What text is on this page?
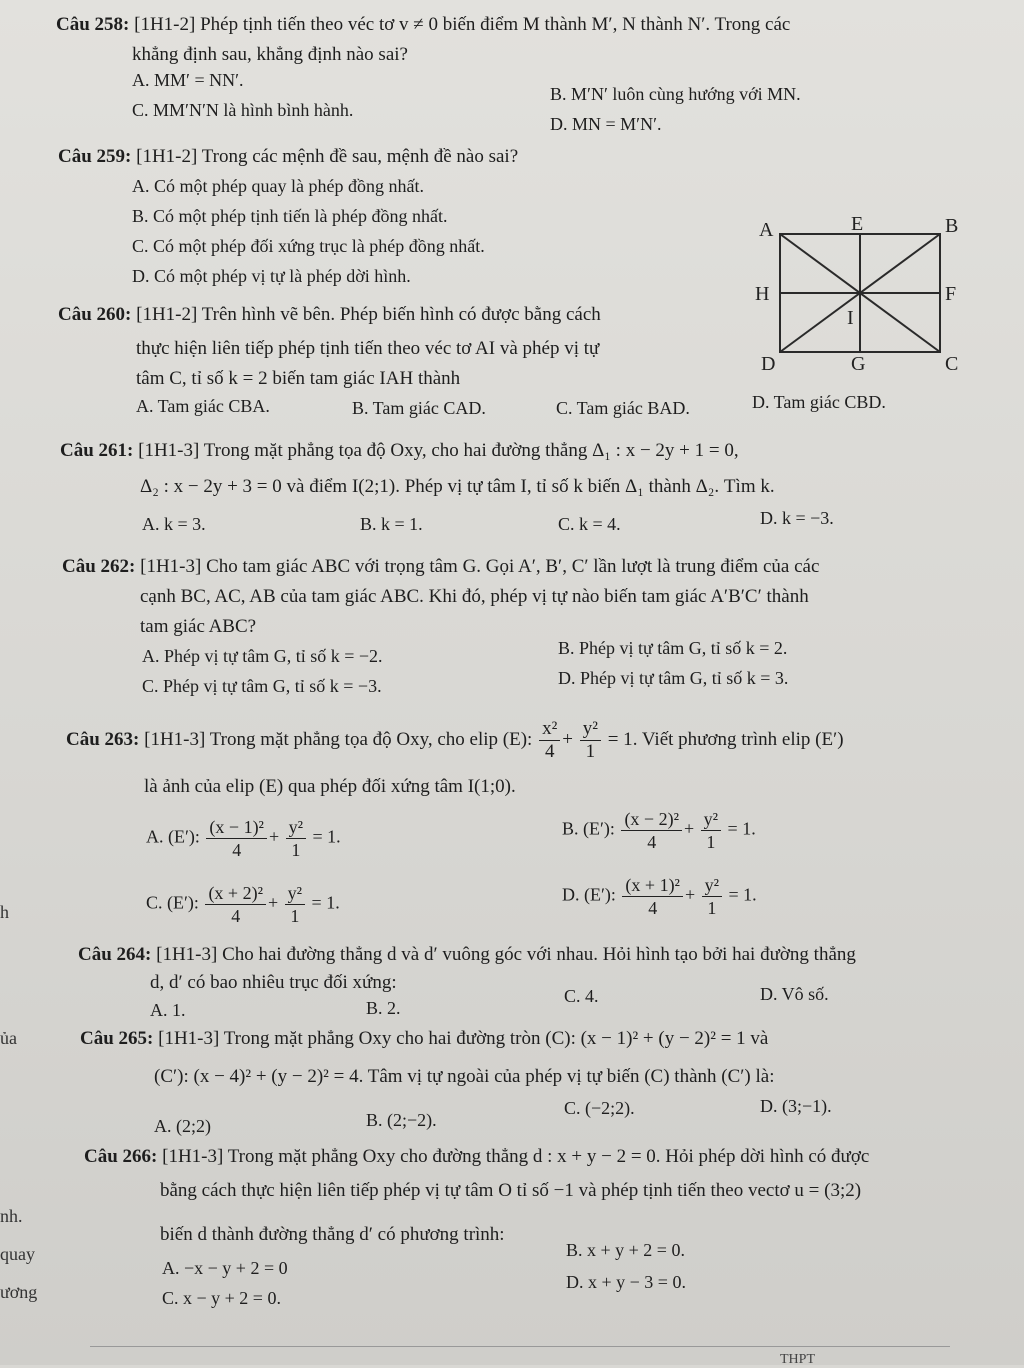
Câu 258: [1H1-2] Phép tịnh tiến theo véc tơ v ≠ 0 biến điểm M thành M′, N thành N′. Trong các
khẳng định sau, khẳng định nào sai?
A. MM′ = NN′.
B. M′N′ luôn cùng hướng với MN.
C. MM′N′N là hình bình hành.
D. MN = M′N′.
Câu 259: [1H1-2] Trong các mệnh đề sau, mệnh đề nào sai?
A. Có một phép quay là phép đồng nhất.
B. Có một phép tịnh tiến là phép đồng nhất.
C. Có một phép đối xứng trục là phép đồng nhất.
D. Có một phép vị tự là phép dời hình.
A	E	B
H	F
I
D	G	C
Câu 260: [1H1-2] Trên hình vẽ bên. Phép biến hình có được bằng cách
thực hiện liên tiếp phép tịnh tiến theo véc tơ AI và phép vị tự
tâm C, tỉ số k = 2 biến tam giác IAH thành
A. Tam giác CBA.	B. Tam giác CAD.	C. Tam giác BAD.	D. Tam giác CBD.
Câu 261: [1H1-3] Trong mặt phẳng tọa độ Oxy, cho hai đường thẳng Δ₁ : x − 2y + 1 = 0,
Δ₂ : x − 2y + 3 = 0 và điểm I(2;1). Phép vị tự tâm I, tỉ số k biến Δ₁ thành Δ₂. Tìm k.
A. k = 3.	B. k = 1.	C. k = 4.	D. k = −3.
Câu 262: [1H1-3] Cho tam giác ABC với trọng tâm G. Gọi A′, B′, C′ lần lượt là trung điểm của các
cạnh BC, AC, AB của tam giác ABC. Khi đó, phép vị tự nào biến tam giác A′B′C′ thành
tam giác ABC?
A. Phép vị tự tâm G, tỉ số k = −2.	B. Phép vị tự tâm G, tỉ số k = 2.
C. Phép vị tự tâm G, tỉ số k = −3.	D. Phép vị tự tâm G, tỉ số k = 3.
Câu 263: [1H1-3] Trong mặt phẳng tọa độ Oxy, cho elip (E): $\frac{\text{x²}}{4} + \frac{\text{y²}}{1} = 1$. Viết phương trình elip (E′)
là ảnh của elip (E) qua phép đối xứng tâm I(1;0).
A. (E′): $\frac{\text{(x − 1)²}}{4} + \frac{\text{y²}}{1} = 1$.	B. (E′): $\frac{\text{(x − 2)²}}{4} + \frac{\text{y²}}{1} = 1$.
C. (E′): $\frac{\text{(x + 2)²}}{4} + \frac{\text{y²}}{1} = 1$.	D. (E′): $\frac{\text{(x + 1)²}}{4} + \frac{\text{y²}}{1} = 1$.
Câu 264: [1H1-3] Cho hai đường thẳng d và d′ vuông góc với nhau. Hỏi hình tạo bởi hai đường thẳng
d, d′ có bao nhiêu trục đối xứng:
A. 1.	B. 2.
C. 4.	D. Vô số.
Câu 265: [1H1-3] Trong mặt phẳng Oxy cho hai đường tròn (C): (x − 1)² + (y − 2)² = 1 và
(C′): (x − 4)² + (y − 2)² = 4. Tâm vị tự ngoài của phép vị tự biến (C) thành (C′) là:
A. (2;2)	B. (2;−2).
C. (−2;2).	D. (3;−1).
Câu 266: [1H1-3] Trong mặt phẳng Oxy cho đường thẳng d : x + y − 2 = 0. Hỏi phép dời hình có được
bằng cách thực hiện liên tiếp phép vị tự tâm O tỉ số −1 và phép tịnh tiến theo vectơ u = (3;2)
biến d thành đường thẳng d′ có phương trình:
A. −x − y + 2 = 0
B. x + y + 2 = 0.
C. x − y + 2 = 0.
D. x + y − 3 = 0.
h
ủa
nh.
quay
ương
THPT
